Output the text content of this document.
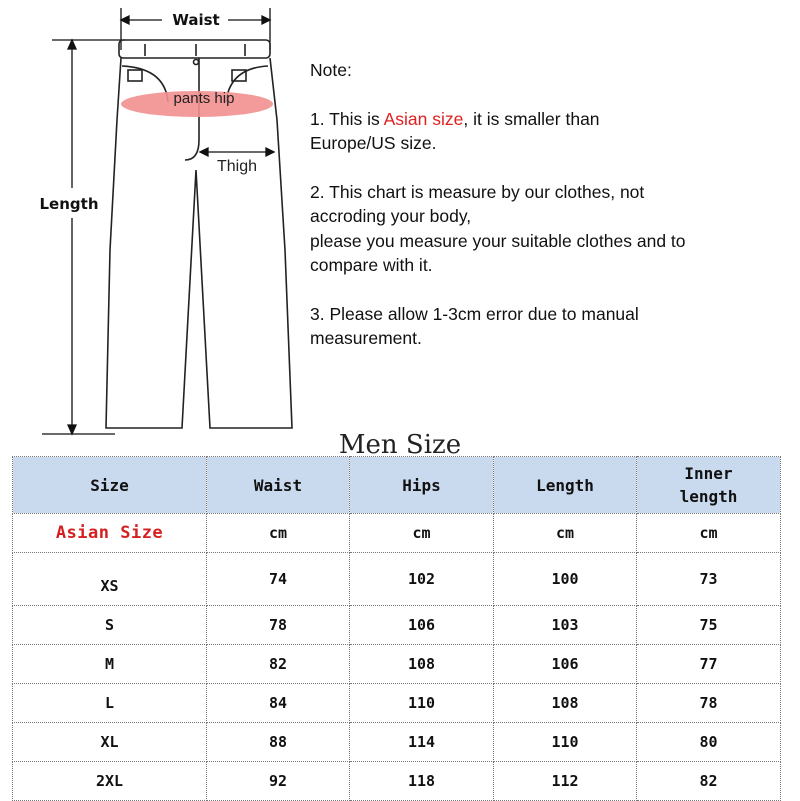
Waist
Length
pants hip
Thigh

Note:

1. This is Asian size, it is smaller than
Europe/US size.

2. This chart is measure by our clothes, not
accroding your body,
please you measure your suitable clothes and to
compare with it.

3. Please allow 1-3cm error due to manual
measurement.

Men Size
Size	Waist	Hips	Length	Inner
length

Asian Size	cm	cm	cm	cm
XS	74	102	100	73
S	78	106	103	75
M	82	108	106	77
L	84	110	108	78
XL	88	114	110	80
2XL	92	118	112	82
